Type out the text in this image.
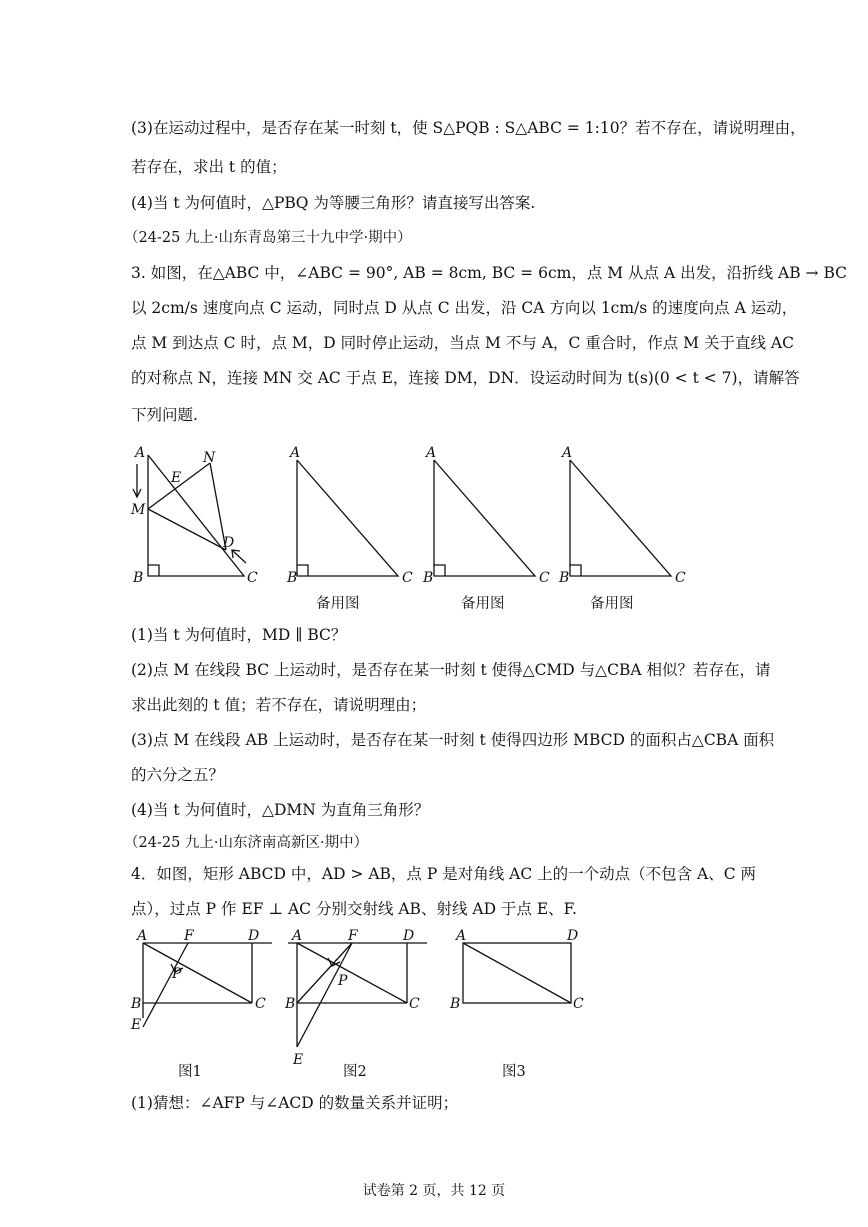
(3)在运动过程中，是否存在某一时刻 t，使 S△PQB : S△ABC = 1:10？若不存在，请说明理由，
若存在，求出 t 的值；
(4)当 t 为何值时，△PBQ 为等腰三角形？请直接写出答案.
（24-25 九上·山东青岛第三十九中学·期中）
3. 如图，在△ABC 中，∠ABC = 90°, AB = 8cm, BC = 6cm，点 M 从点 A 出发，沿折线 AB → BC
以 2cm/s 速度向点 C 运动，同时点 D 从点 C 出发，沿 CA 方向以 1cm/s 的速度向点 A 运动，
点 M 到达点 C 时，点 M，D 同时停止运动，当点 M 不与 A，C 重合时，作点 M 关于直线 AC
的对称点 N，连接 MN 交 AC 于点 E，连接 DM，DN．设运动时间为 t(s)(0 < t < 7)，请解答
下列问题.
A	N
E
M
D
B	C
A
B	C
A
B	C
A
B	C
A	F	D
P
B	C
E
A	F	D
P
B	C
E
A	D
B	C
备用图	备用图	备用图
(1)当 t 为何值时，MD ∥ BC？
(2)点 M 在线段 BC 上运动时，是否存在某一时刻 t 使得△CMD 与△CBA 相似？若存在，请
求出此刻的 t 值；若不存在，请说明理由；
(3)点 M 在线段 AB 上运动时，是否存在某一时刻 t 使得四边形 MBCD 的面积占△CBA 面积
的六分之五？
(4)当 t 为何值时，△DMN 为直角三角形？
（24-25 九上·山东济南高新区·期中）
4．如图，矩形 ABCD 中，AD > AB，点 P 是对角线 AC 上的一个动点（不包含 A、C 两
点），过点 P 作 EF ⊥ AC 分别交射线 AB、射线 AD 于点 E、F.
图1	图2	图3
(1)猜想：∠AFP 与∠ACD 的数量关系并证明；
试卷第 2 页，共 12 页
